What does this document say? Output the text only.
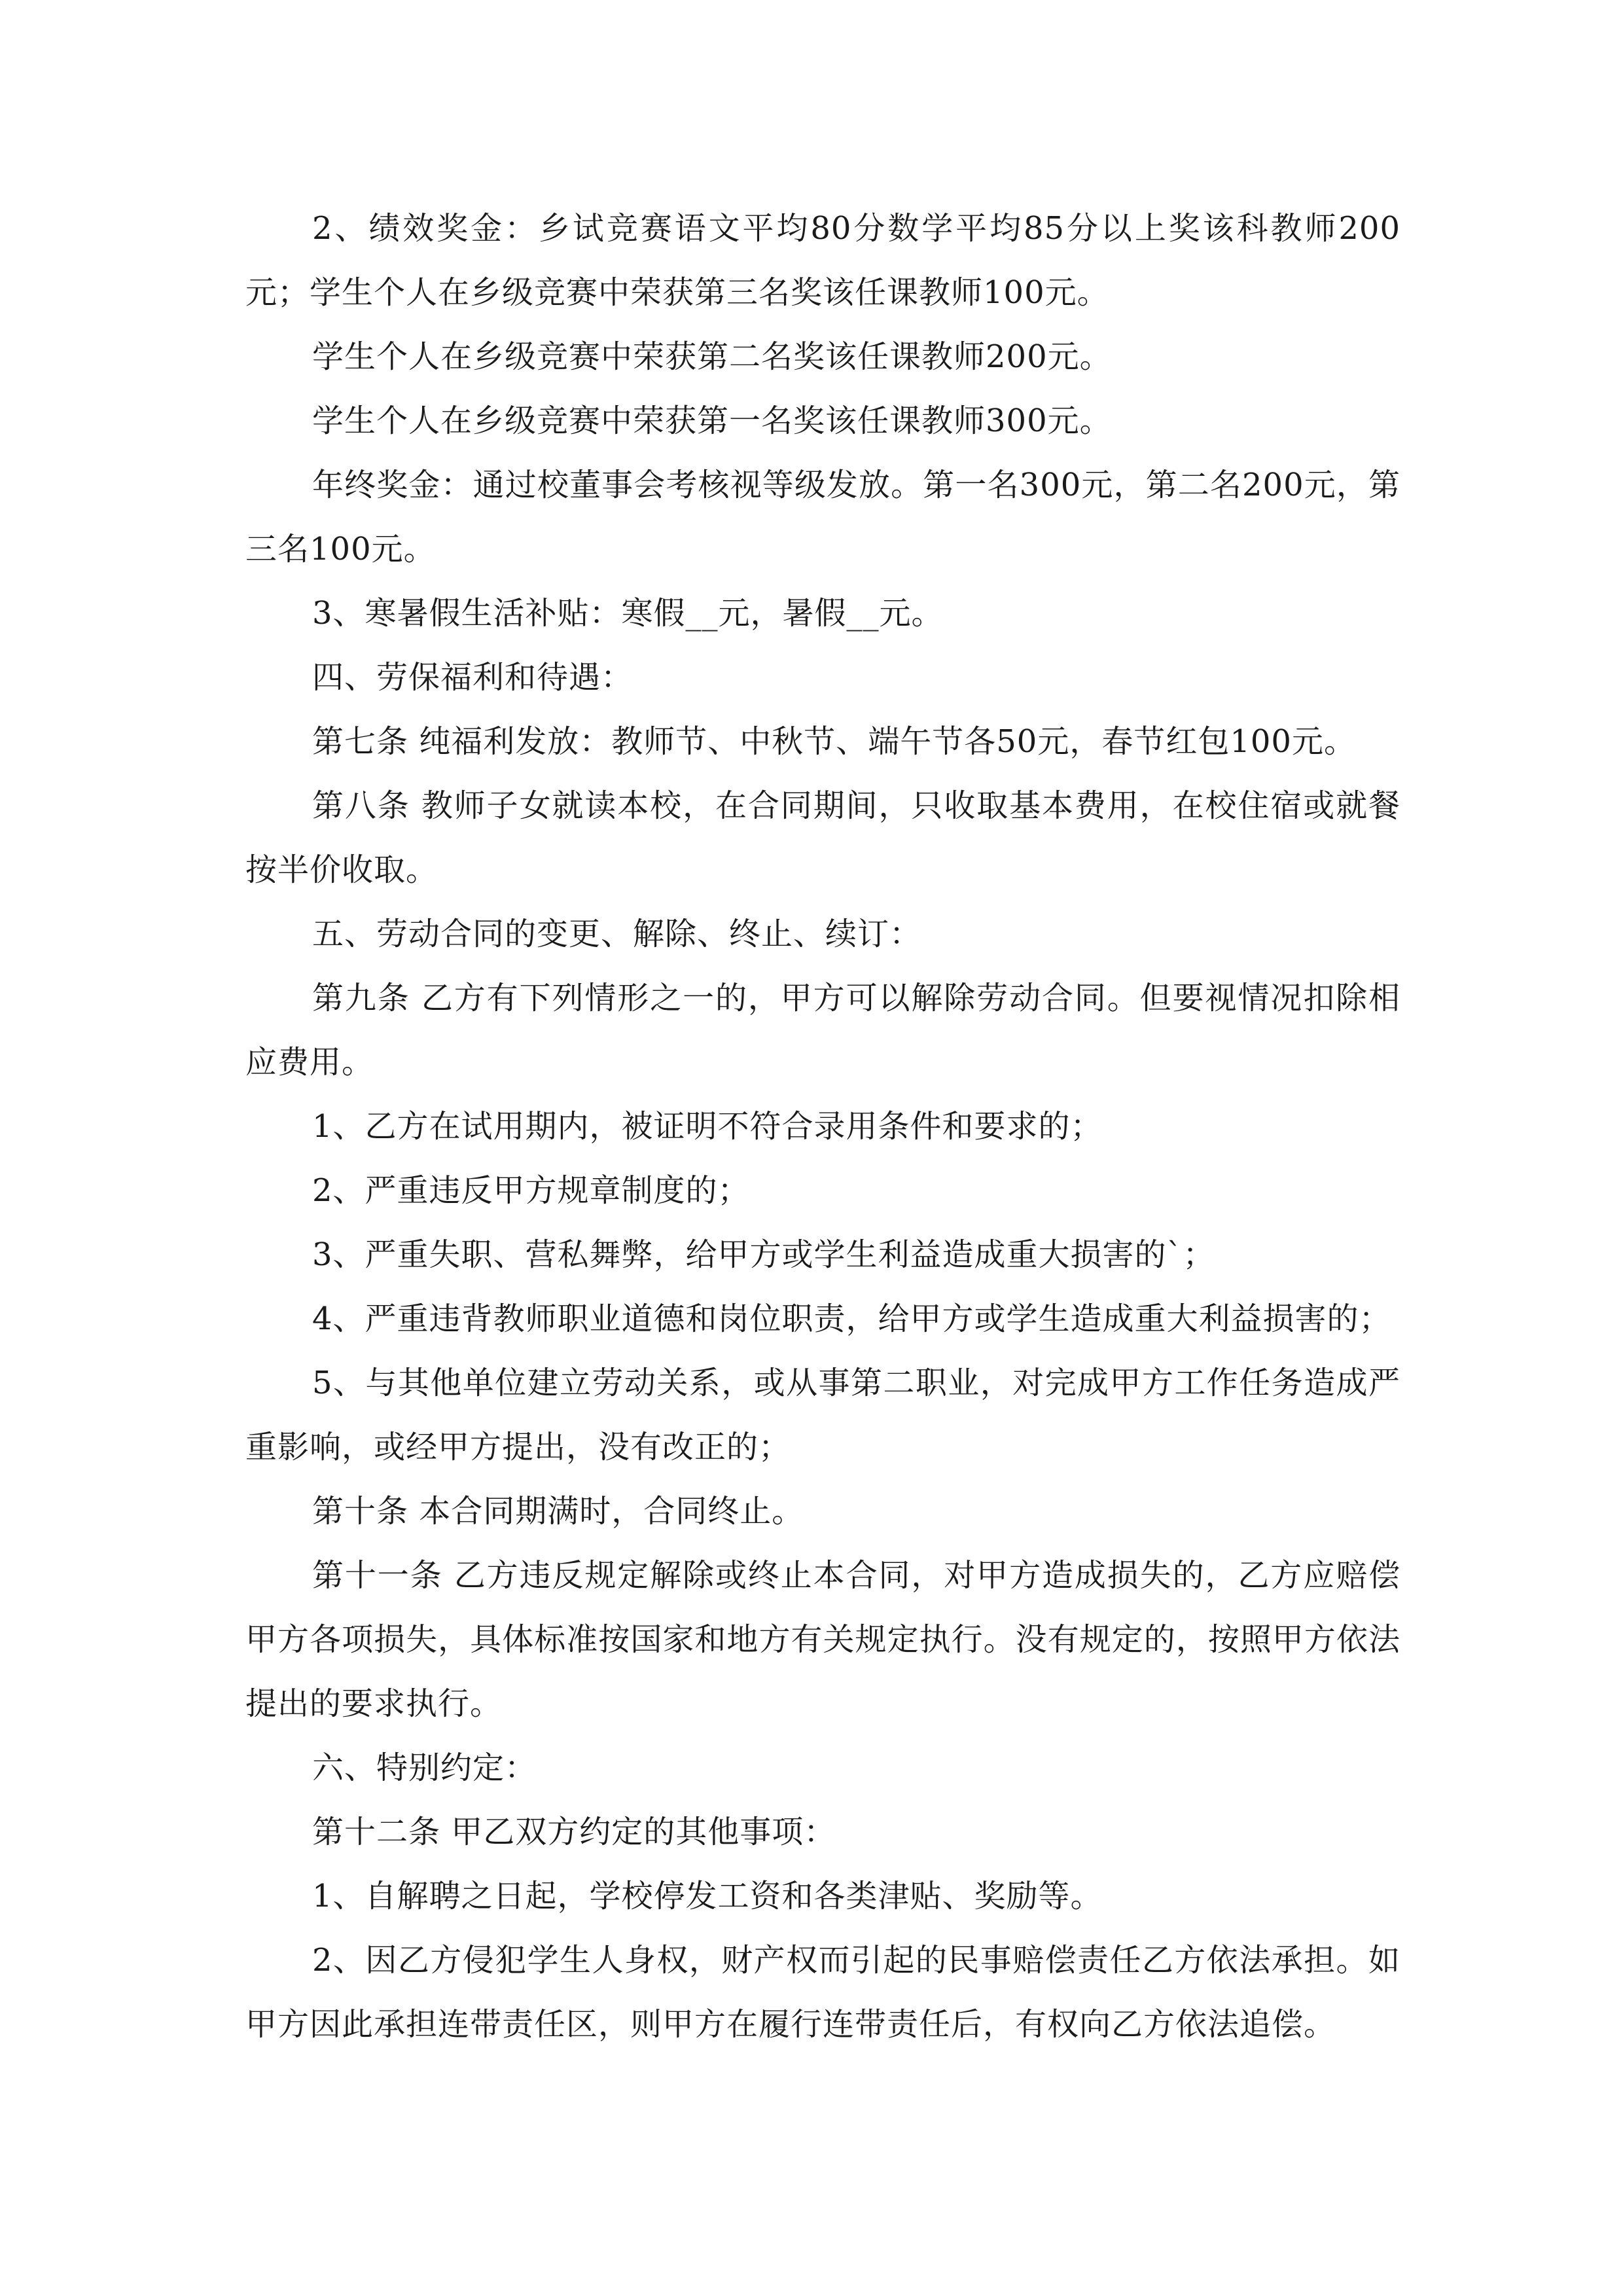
2、绩效奖金：乡试竞赛语文平均80分数学平均85分以上奖该科教师200元；学生个人在乡级竞赛中荣获第三名奖该任课教师100元。

学生个人在乡级竞赛中荣获第二名奖该任课教师200元。

学生个人在乡级竞赛中荣获第一名奖该任课教师300元。

年终奖金：通过校董事会考核视等级发放。第一名300元，第二名200元，第三名100元。

3、寒暑假生活补贴：寒假__元，暑假__元。

四、劳保福利和待遇：

第七条 纯福利发放：教师节、中秋节、端午节各50元，春节红包100元。

第八条 教师子女就读本校，在合同期间，只收取基本费用，在校住宿或就餐按半价收取。

五、劳动合同的变更、解除、终止、续订：

第九条 乙方有下列情形之一的，甲方可以解除劳动合同。但要视情况扣除相应费用。

1、乙方在试用期内，被证明不符合录用条件和要求的；

2、严重违反甲方规章制度的；

3、严重失职、营私舞弊，给甲方或学生利益造成重大损害的`；

4、严重违背教师职业道德和岗位职责，给甲方或学生造成重大利益损害的；

5、与其他单位建立劳动关系，或从事第二职业，对完成甲方工作任务造成严重影响，或经甲方提出，没有改正的；

第十条 本合同期满时，合同终止。

第十一条 乙方违反规定解除或终止本合同，对甲方造成损失的，乙方应赔偿甲方各项损失，具体标准按国家和地方有关规定执行。没有规定的，按照甲方依法提出的要求执行。

六、特别约定：

第十二条 甲乙双方约定的其他事项：

1、自解聘之日起，学校停发工资和各类津贴、奖励等。

2、因乙方侵犯学生人身权，财产权而引起的民事赔偿责任乙方依法承担。如甲方因此承担连带责任区，则甲方在履行连带责任后，有权向乙方依法追偿。
